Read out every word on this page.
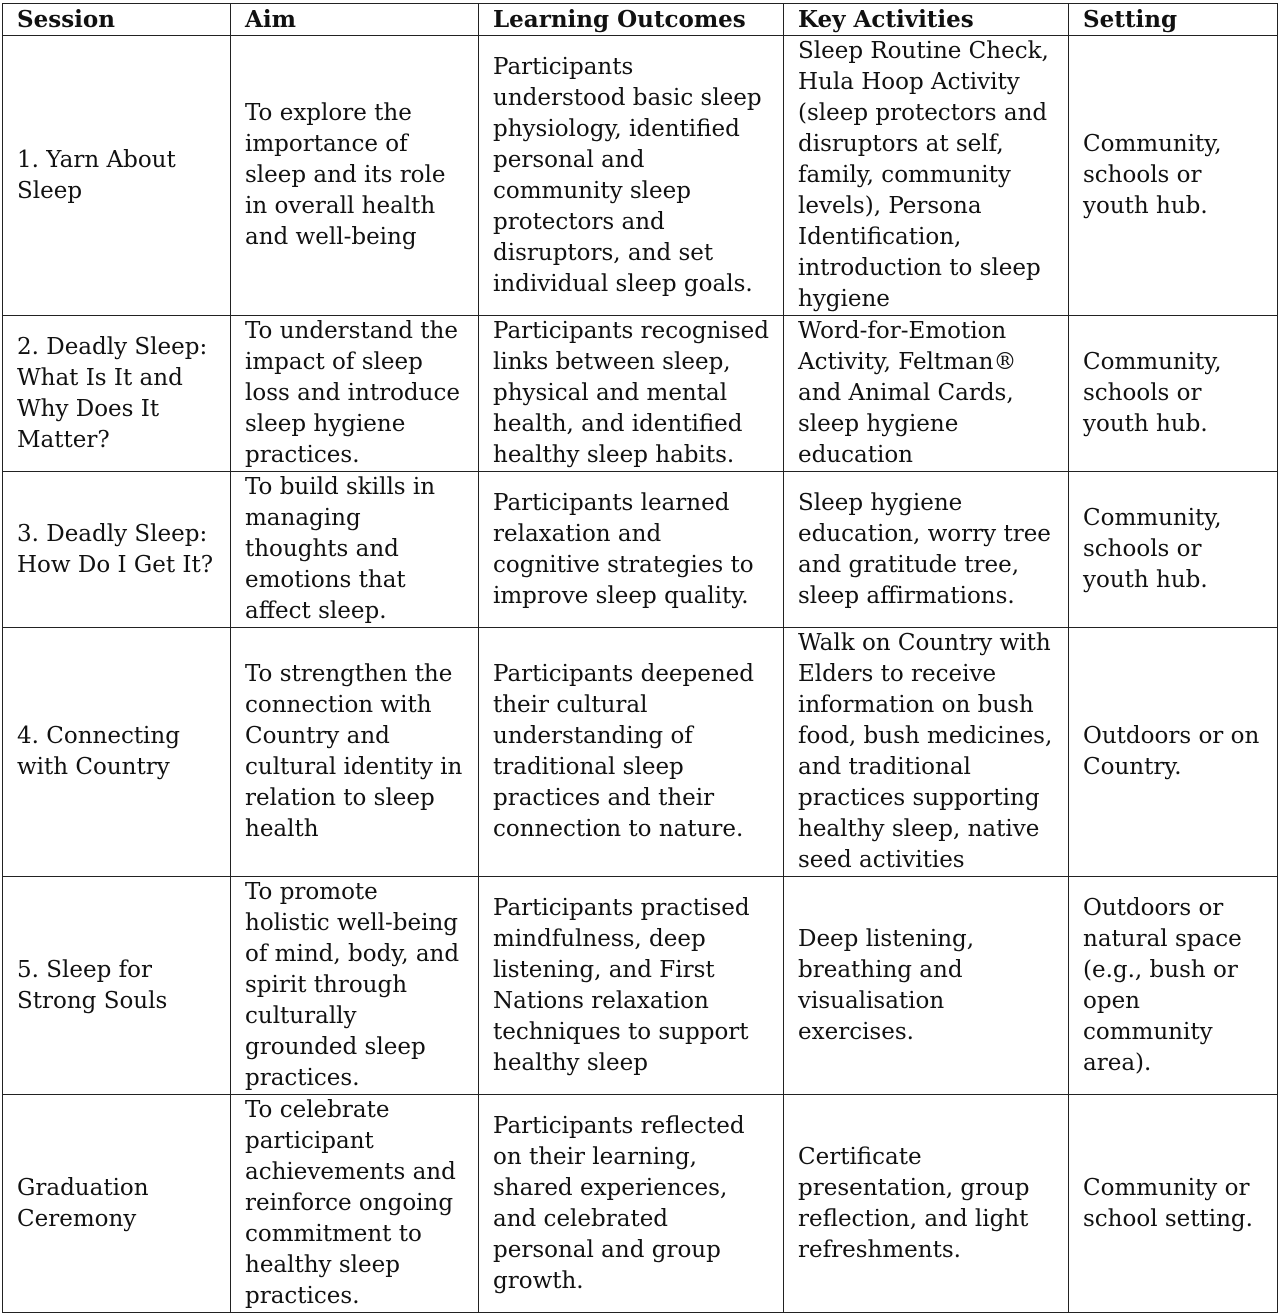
Session	Aim	Learning Outcomes	Key Activities	Setting
1. Yarn About Sleep	To explore the importance of sleep and its role in overall health and well-being	Participants understood basic sleep physiology, identified personal and community sleep protectors and disruptors, and set individual sleep goals.	Sleep Routine Check, Hula Hoop Activity (sleep protectors and disruptors at self, family, community levels), Persona Identification, introduction to sleep hygiene	Community, schools or youth hub.
2. Deadly Sleep: What Is It and Why Does It Matter?	To understand the impact of sleep loss and introduce sleep hygiene practices.	Participants recognised links between sleep, physical and mental health, and identified healthy sleep habits.	Word-for-Emotion Activity, Feltman® and Animal Cards, sleep hygiene education	Community, schools or youth hub.
3. Deadly Sleep: How Do I Get It?	To build skills in managing thoughts and emotions that affect sleep.	Participants learned relaxation and cognitive strategies to improve sleep quality.	Sleep hygiene education, worry tree and gratitude tree, sleep affirmations.	Community, schools or youth hub.
4. Connecting with Country	To strengthen the connection with Country and cultural identity in relation to sleep health	Participants deepened their cultural understanding of traditional sleep practices and their connection to nature.	Walk on Country with Elders to receive information on bush food, bush medicines, and traditional practices supporting healthy sleep, native seed activities	Outdoors or on Country.
5. Sleep for Strong Souls	To promote holistic well-being of mind, body, and spirit through culturally grounded sleep practices.	Participants practised mindfulness, deep listening, and First Nations relaxation techniques to support healthy sleep	Deep listening, breathing and visualisation exercises.	Outdoors or natural space (e.g., bush or open community area).
Graduation Ceremony	To celebrate participant achievements and reinforce ongoing commitment to healthy sleep practices.	Participants reflected on their learning, shared experiences, and celebrated personal and group growth.	Certificate presentation, group reflection, and light refreshments.	Community or school setting.
